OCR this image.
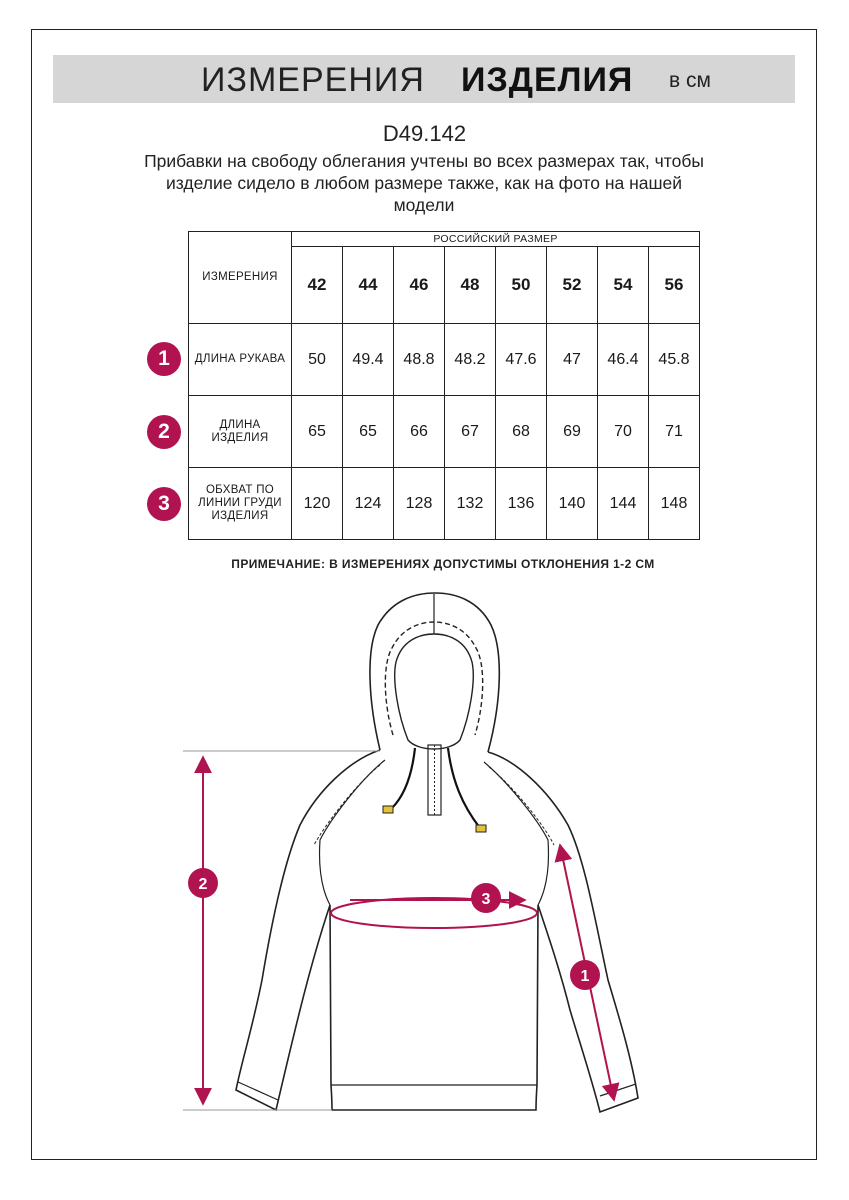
ИЗМЕРЕНИЯ ИЗДЕЛИЯ в см
D49.142
Прибавки на свободу облегания учтены во всех размерах так, чтобы
изделие сидело в любом размере также, как на фото на нашей
модели
ИЗМЕРЕНИЯ	РОССИЙСКИЙ РАЗМЕР							
	42	44	46	48	50	52	54	56

ДЛИНА РУКАВА	50	49.4	48.8	48.2	47.6	47	46.4	45.8

ДЛИНА
ИЗДЕЛИЯ	65	65	66	67	68	69	70	71

ОБХВАТ ПО
ЛИНИИ ГРУДИ
ИЗДЕЛИЯ	120	124	128	132	136	140	144	148
1
2
3
ПРИМЕЧАНИЕ: В ИЗМЕРЕНИЯХ ДОПУСТИМЫ ОТКЛОНЕНИЯ 1-2 СМ
2
3
1
